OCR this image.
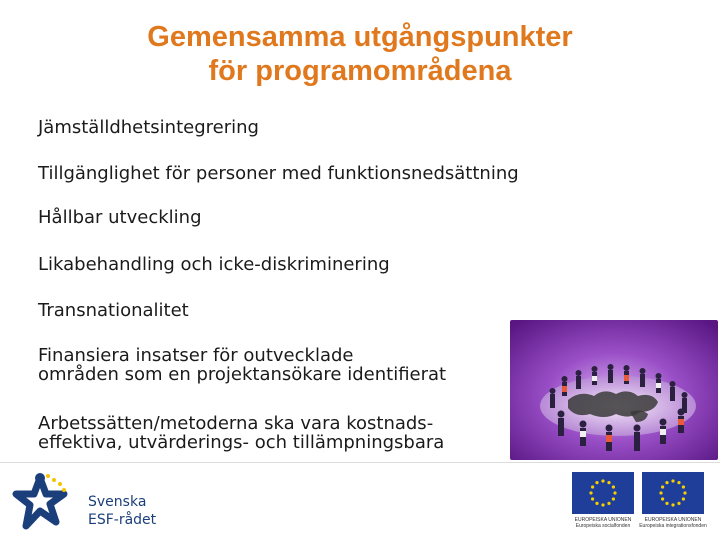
Gemensamma utgångspunkter
för programområdena
Jämställdhetsintegrering
Tillgänglighet för personer med funktionsnedsättning
Hållbar utveckling
Likabehandling och icke-diskriminering
Transnationalitet
Finansiera insatser för outvecklade
områden som en projektansökare identifierat
Arbetssätten/metoderna ska vara kostnads-
effektiva, utvärderings- och tillämpningsbara
Svenska
ESF-rådet	EUROPEISKA UNIONEN
Europeiska socialfonden
EUROPEISKA UNIONEN
Europeiska integrationsfonden
